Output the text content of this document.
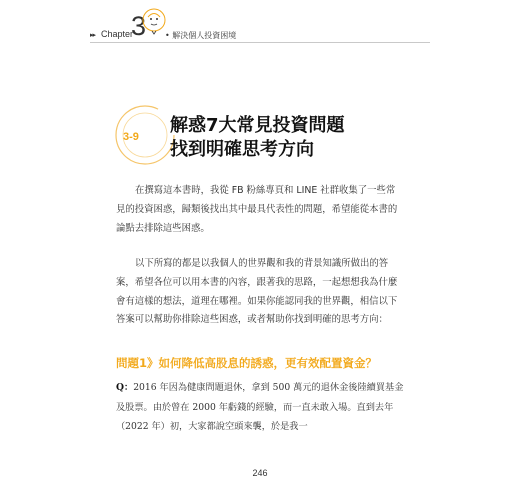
▸▸ Chapter
3 • 解決個人投資困境
3-9
解惑7大常見投資問題
找到明確思考方向

在撰寫這本書時，我從 FB 粉絲專頁和 LINE 社群收集了一些常見的投資困惑，歸類後找出其中最具代表性的問題，希望能從本書的論點去排除這些困惑。

以下所寫的都是以我個人的世界觀和我的背景知識所做出的答案，希望各位可以用本書的內容，跟著我的思路，一起想想我為什麼會有這樣的想法，道理在哪裡。如果你能認同我的世界觀，相信以下答案可以幫助你排除這些困惑，或者幫助你找到明確的思考方向：

問題1》如何降低高股息的誘惑，更有效配置資金？

Q：2016 年因為健康問題退休，拿到 500 萬元的退休金後陸續買基金及股票。由於曾在 2000 年虧錢的經驗，而一直未敢入場。直到去年（2022 年）初，大家都說空頭來襲，於是我一

246
